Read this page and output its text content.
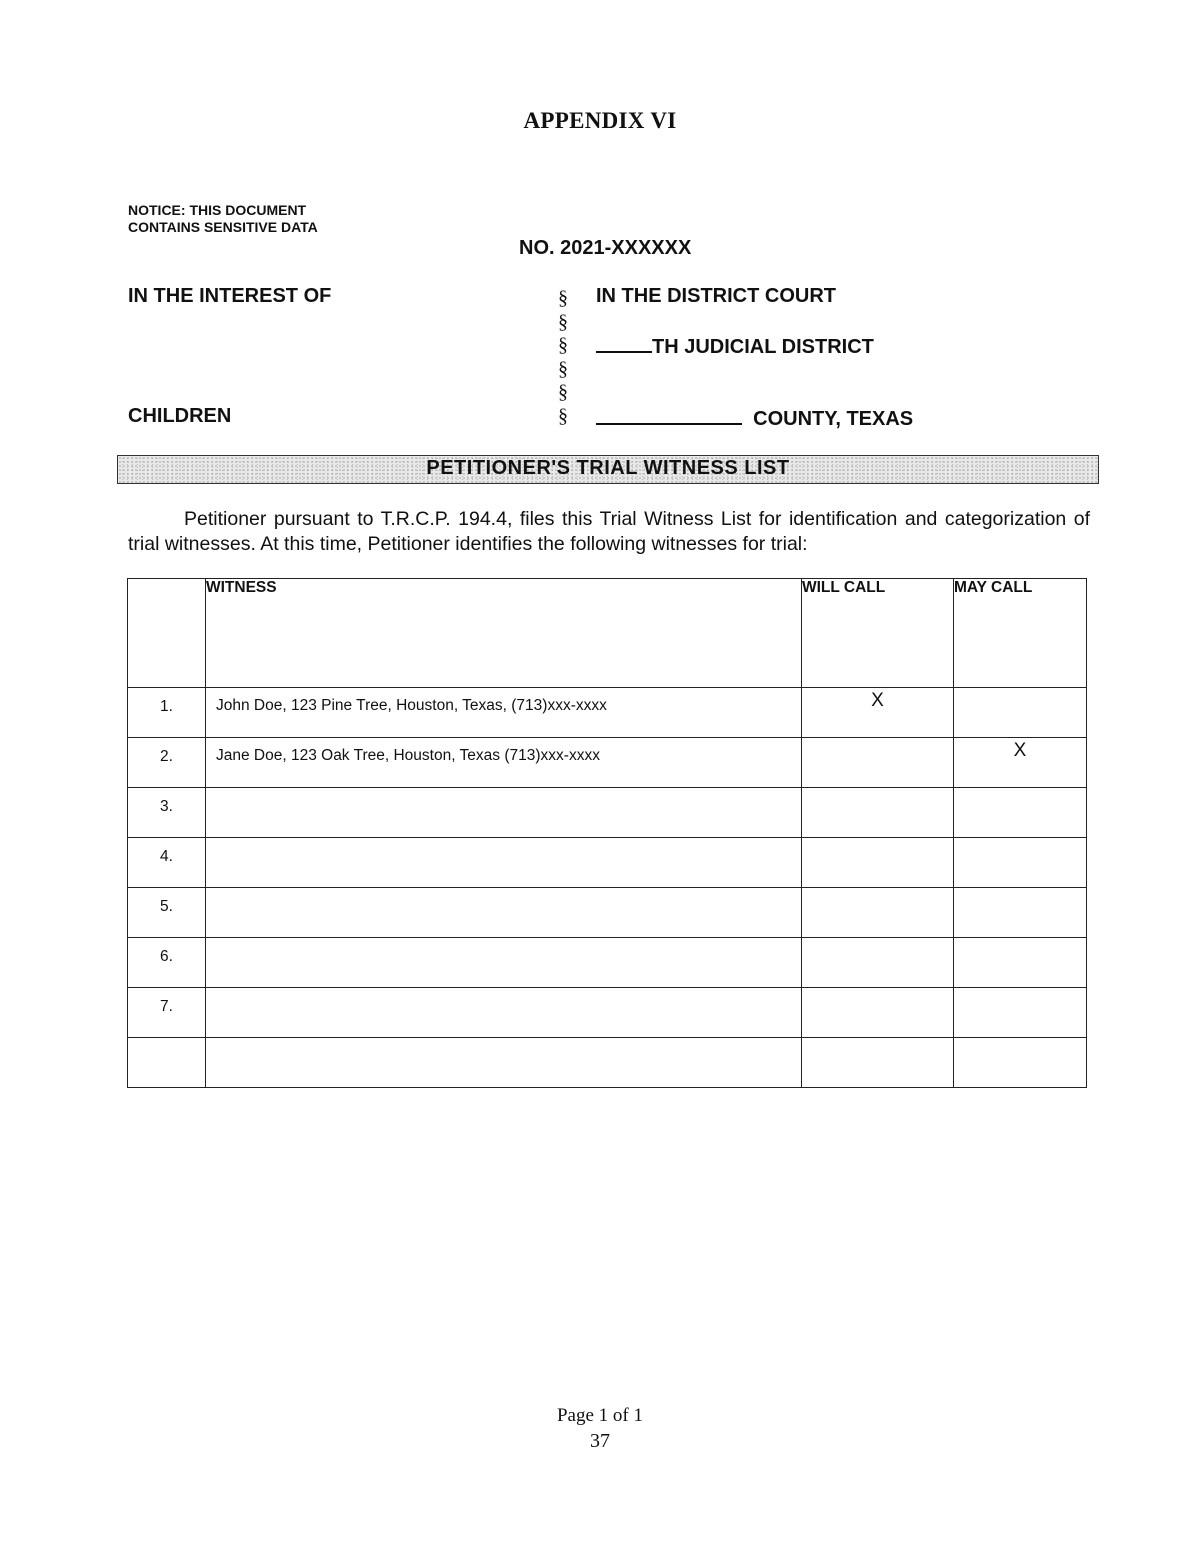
APPENDIX VI
NOTICE: THIS DOCUMENT
CONTAINS SENSITIVE DATA
NO. 2021-XXXXXX
IN THE INTEREST OF
CHILDREN
§
§
§
§
§
§
IN THE DISTRICT COURT
TH JUDICIAL DISTRICT
COUNTY, TEXAS
PETITIONER'S TRIAL WITNESS LIST
Petitioner pursuant to T.R.C.P. 194.4, files this Trial Witness List for identification and categorization of trial witnesses. At this time, Petitioner identifies the following witnesses for trial:
	WITNESS	WILL CALL	MAY CALL
1.	John Doe, 123 Pine Tree, Houston, Texas, (713)xxx-xxxx	X	
2.	Jane Doe, 123 Oak Tree, Houston, Texas (713)xxx-xxxx		X
3.			
4.			
5.			
6.			
7.			

Page 1 of 1
37
